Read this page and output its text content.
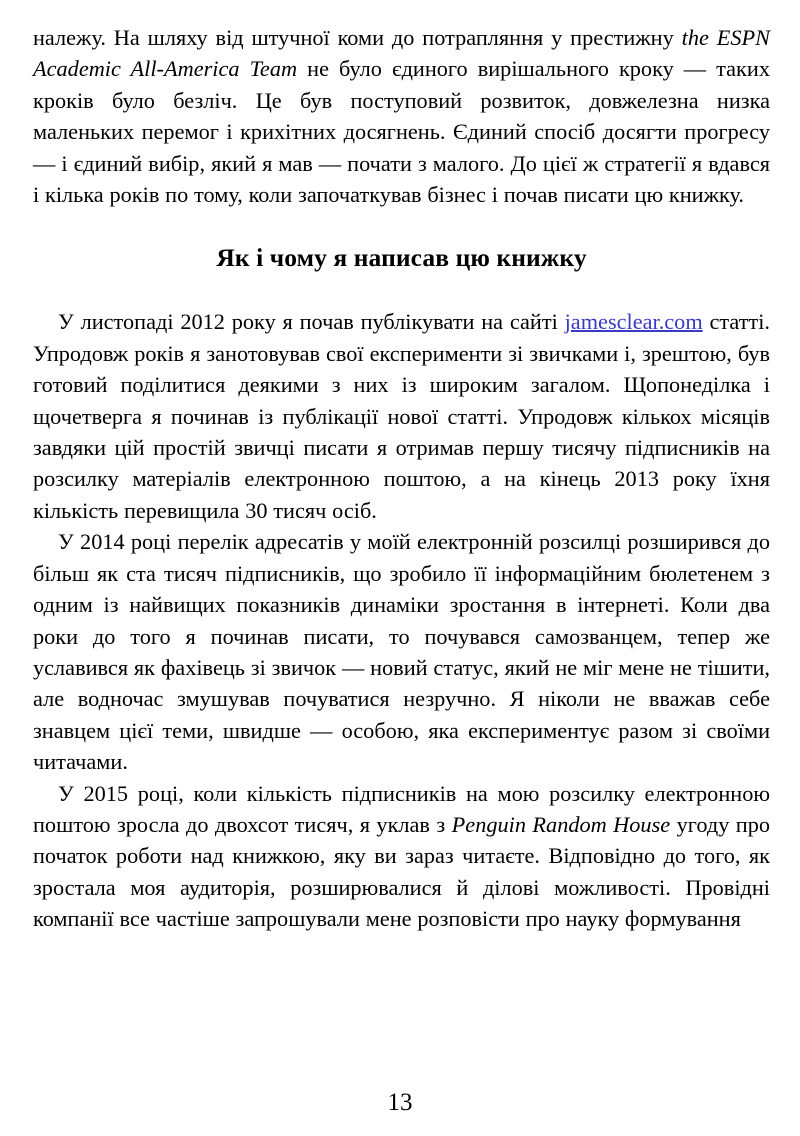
належу. На шляху від штучної коми до потрапляння у престижну the ESPN Academic All-America Team не було єдиного вирішального кроку — таких кроків було безліч. Це був поступовий розвиток, довжелезна низка маленьких перемог і крихітних досягнень. Єдиний спосіб досягти прогресу — і єдиний вибір, який я мав — почати з малого. До цієї ж стратегії я вдався і кілька років по тому, коли започаткував бізнес і почав писати цю книжку.

Як і чому я написав цю книжку

У листопаді 2012 року я почав публікувати на сайті jamesclear.com статті. Упродовж років я занотовував свої експерименти зі звичками і, зрештою, був готовий поділитися деякими з них із широким загалом. Щопонеділка і щочетверга я починав із публікації нової статті. Упродовж кількох місяців завдяки цій простій звичці писати я отримав першу тисячу підписників на розсилку матеріалів електронною поштою, а на кінець 2013 року їхня кількість перевищила 30 тисяч осіб.

У 2014 році перелік адресатів у моїй електронній розсилці розширився до більш як ста тисяч підписників, що зробило її інформаційним бюлетенем з одним із найвищих показників динаміки зростання в інтернеті. Коли два роки до того я починав писати, то почувався самозванцем, тепер же уславився як фахівець зі звичок — новий статус, який не міг мене не тішити, але водночас змушував почуватися незручно. Я ніколи не вважав себе знавцем цієї теми, швидше — особою, яка експериментує разом зі своїми читачами.

У 2015 році, коли кількість підписників на мою розсилку електронною поштою зросла до двохсот тисяч, я уклав з Penguin Random House угоду про початок роботи над книжкою, яку ви зараз читаєте. Відповідно до того, як зростала моя аудиторія, розширювалися й ділові можливості. Провідні компанії все частіше запрошували мене розповісти про науку формування

13
